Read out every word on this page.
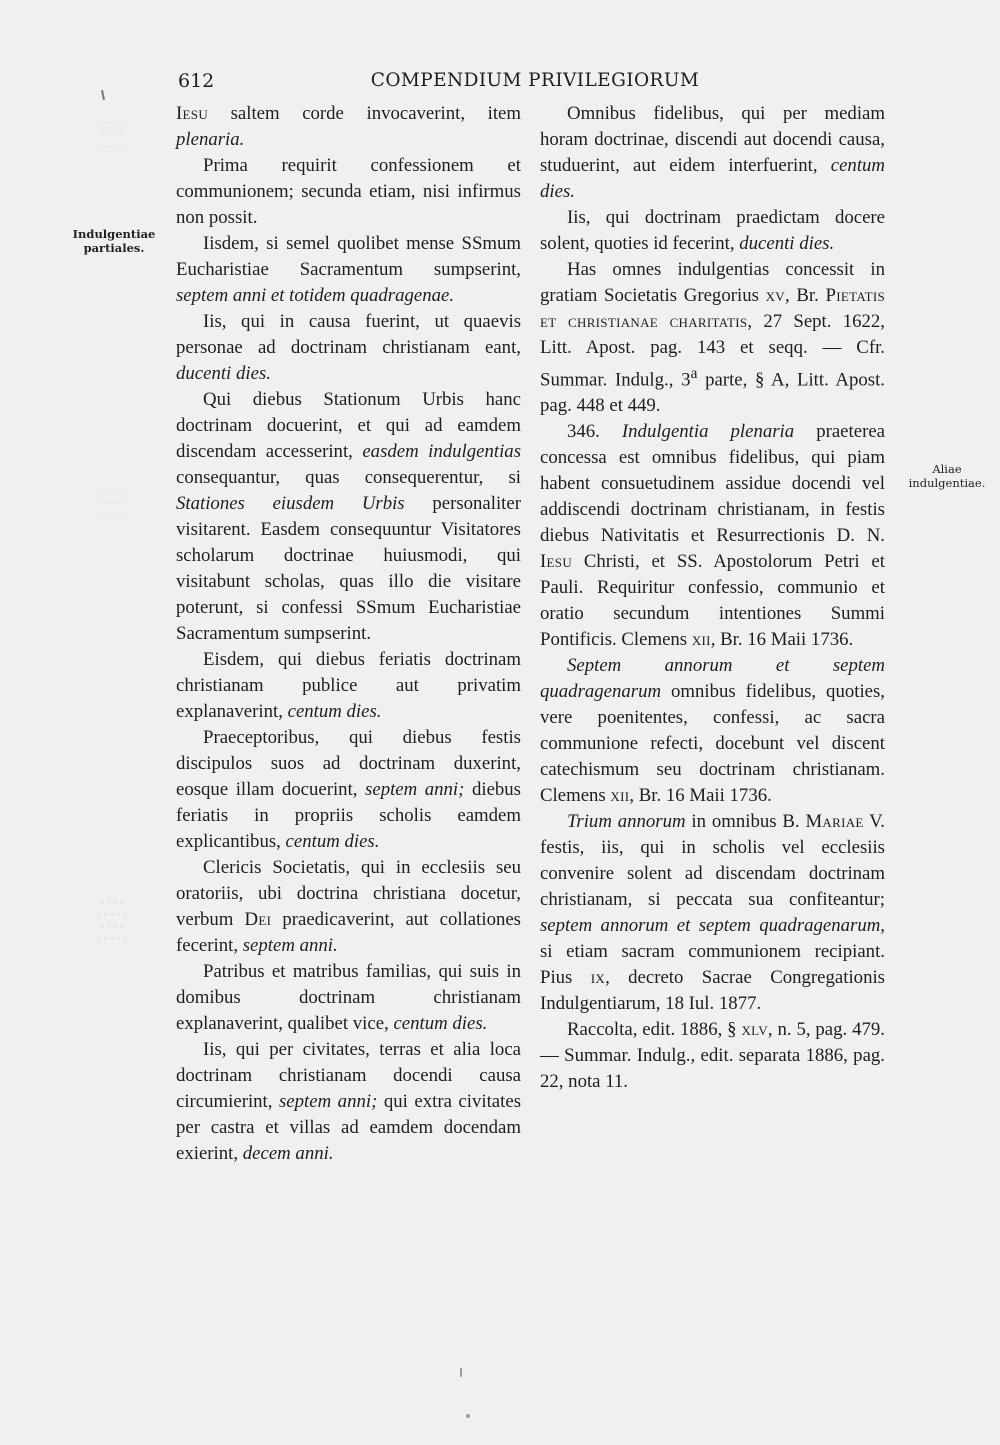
· · · · ·
· · · ·
· · · · ·
· · · ·
· · · · ·
· · · ·
· · · ·
· · · · ·
· · · ·
· · · · ·
612	COMPENDIUM PRIVILEGIORUM
Indulgentiae partiales.
Aliae indulgentiae.

Iesu saltem corde invocaverint, item plenaria.

Prima requirit confessionem et communionem; secunda etiam, nisi infirmus non possit.

Iisdem, si semel quolibet mense SSmum Eucharistiae Sacramentum sumpserint, septem anni et totidem quadragenae.

Iis, qui in causa fuerint, ut quaevis personae ad doctrinam christianam eant, ducenti dies.

Qui diebus Stationum Urbis hanc doctrinam docuerint, et qui ad eamdem discendam accesserint, easdem indulgentias consequantur, quas consequerentur, si Stationes eiusdem Urbis personaliter visitarent. Easdem consequuntur Visitatores scholarum doctrinae huiusmodi, qui visitabunt scholas, quas illo die visitare poterunt, si confessi SSmum Eucharistiae Sacramentum sumpserint.

Eisdem, qui diebus feriatis doctrinam christianam publice aut privatim explanaverint, centum dies.

Praeceptoribus, qui diebus festis discipulos suos ad doctrinam duxerint, eosque illam docuerint, septem anni; diebus feriatis in propriis scholis eamdem explicantibus, centum dies.

Clericis Societatis, qui in ecclesiis seu oratoriis, ubi doctrina christiana docetur, verbum Dei praedicaverint, aut collationes fecerint, septem anni.

Patribus et matribus familias, qui suis in domibus doctrinam christianam explanaverint, qualibet vice, centum dies.

Iis, qui per civitates, terras et alia loca doctrinam christianam docendi causa circumierint, septem anni; qui extra civitates per castra et villas ad eamdem docendam exierint, decem anni.

Omnibus fidelibus, qui per mediam horam doctrinae, discendi aut docendi causa, studuerint, aut eidem interfuerint, centum dies.

Iis, qui doctrinam praedictam docere solent, quoties id fecerint, ducenti dies.

Has omnes indulgentias concessit in gratiam Societatis Gregorius xv, Br. Pietatis et christianae charitatis, 27 Sept. 1622, Litt. Apost. pag. 143 et seqq. — Cfr. Summar. Indulg., 3$^a$ parte, § A, Litt. Apost. pag. 448 et 449.

346. Indulgentia plenaria praeterea concessa est omnibus fidelibus, qui piam habent consuetudinem assidue docendi vel addiscendi doctrinam christianam, in festis diebus Nativitatis et Resurrectionis D. N. Iesu Christi, et SS. Apostolorum Petri et Pauli. Requiritur confessio, communio et oratio secundum intentiones Summi Pontificis. Clemens xii, Br. 16 Maii 1736.

Septem annorum et septem quadragenarum omnibus fidelibus, quoties, vere poenitentes, confessi, ac sacra communione refecti, docebunt vel discent catechismum seu doctrinam christianam. Clemens xii, Br. 16 Maii 1736.

Trium annorum in omnibus B. Mariae V. festis, iis, qui in scholis vel ecclesiis convenire solent ad discendam doctrinam christianam, si peccata sua confiteantur; septem annorum et septem quadragenarum, si etiam sacram communionem recipiant. Pius ix, decreto Sacrae Congregationis Indulgentiarum, 18 Iul. 1877.

Raccolta, edit. 1886, § xlv, n. 5, pag. 479. — Summar. Indulg., edit. separata 1886, pag. 22, nota 11.
